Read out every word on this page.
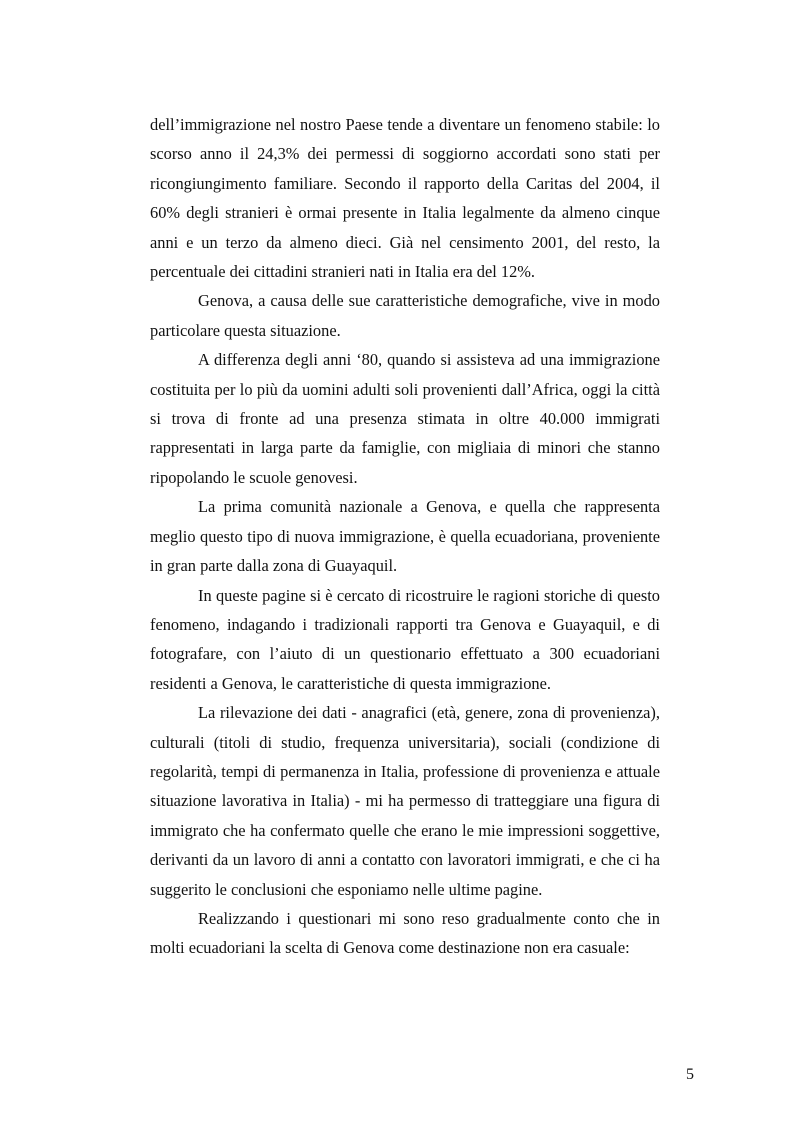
dell’immigrazione nel nostro Paese tende a diventare un fenomeno stabile: lo scorso anno il 24,3% dei permessi di soggiorno accordati sono stati per ricongiungimento familiare. Secondo il rapporto della Caritas del 2004, il 60% degli stranieri è ormai presente in Italia legalmente da almeno cinque anni e un terzo da almeno dieci. Già nel censimento 2001, del resto, la percentuale dei cittadini stranieri nati in Italia era del 12%.

Genova, a causa delle sue caratteristiche demografiche, vive in modo particolare questa situazione.

A differenza degli anni ‘80, quando si assisteva ad una immigrazione costituita per lo più da uomini adulti soli provenienti dall’Africa, oggi la città si trova di fronte ad una presenza stimata in oltre 40.000 immigrati rappresentati in larga parte da famiglie, con migliaia di minori che stanno ripopolando le scuole genovesi.

La prima comunità nazionale a Genova, e quella che rappresenta meglio questo tipo di nuova immigrazione, è quella ecuadoriana, proveniente in gran parte dalla zona di Guayaquil.

In queste pagine si è cercato di ricostruire le ragioni storiche di questo fenomeno, indagando i tradizionali rapporti tra Genova e Guayaquil, e di fotografare, con l’aiuto di un questionario effettuato a 300 ecuadoriani residenti a Genova, le caratteristiche di questa immigrazione.

La rilevazione dei dati - anagrafici (età, genere, zona di provenienza), culturali (titoli di studio, frequenza universitaria), sociali (condizione di regolarità, tempi di permanenza in Italia, professione di provenienza e attuale situazione lavorativa in Italia) - mi ha permesso di tratteggiare una figura di immigrato che ha confermato quelle che erano le mie impressioni soggettive, derivanti da un lavoro di anni a contatto con lavoratori immigrati, e che ci ha suggerito le conclusioni che esponiamo nelle ultime pagine.

Realizzando i questionari mi sono reso gradualmente conto che in molti ecuadoriani la scelta di Genova come destinazione non era casuale:

5
